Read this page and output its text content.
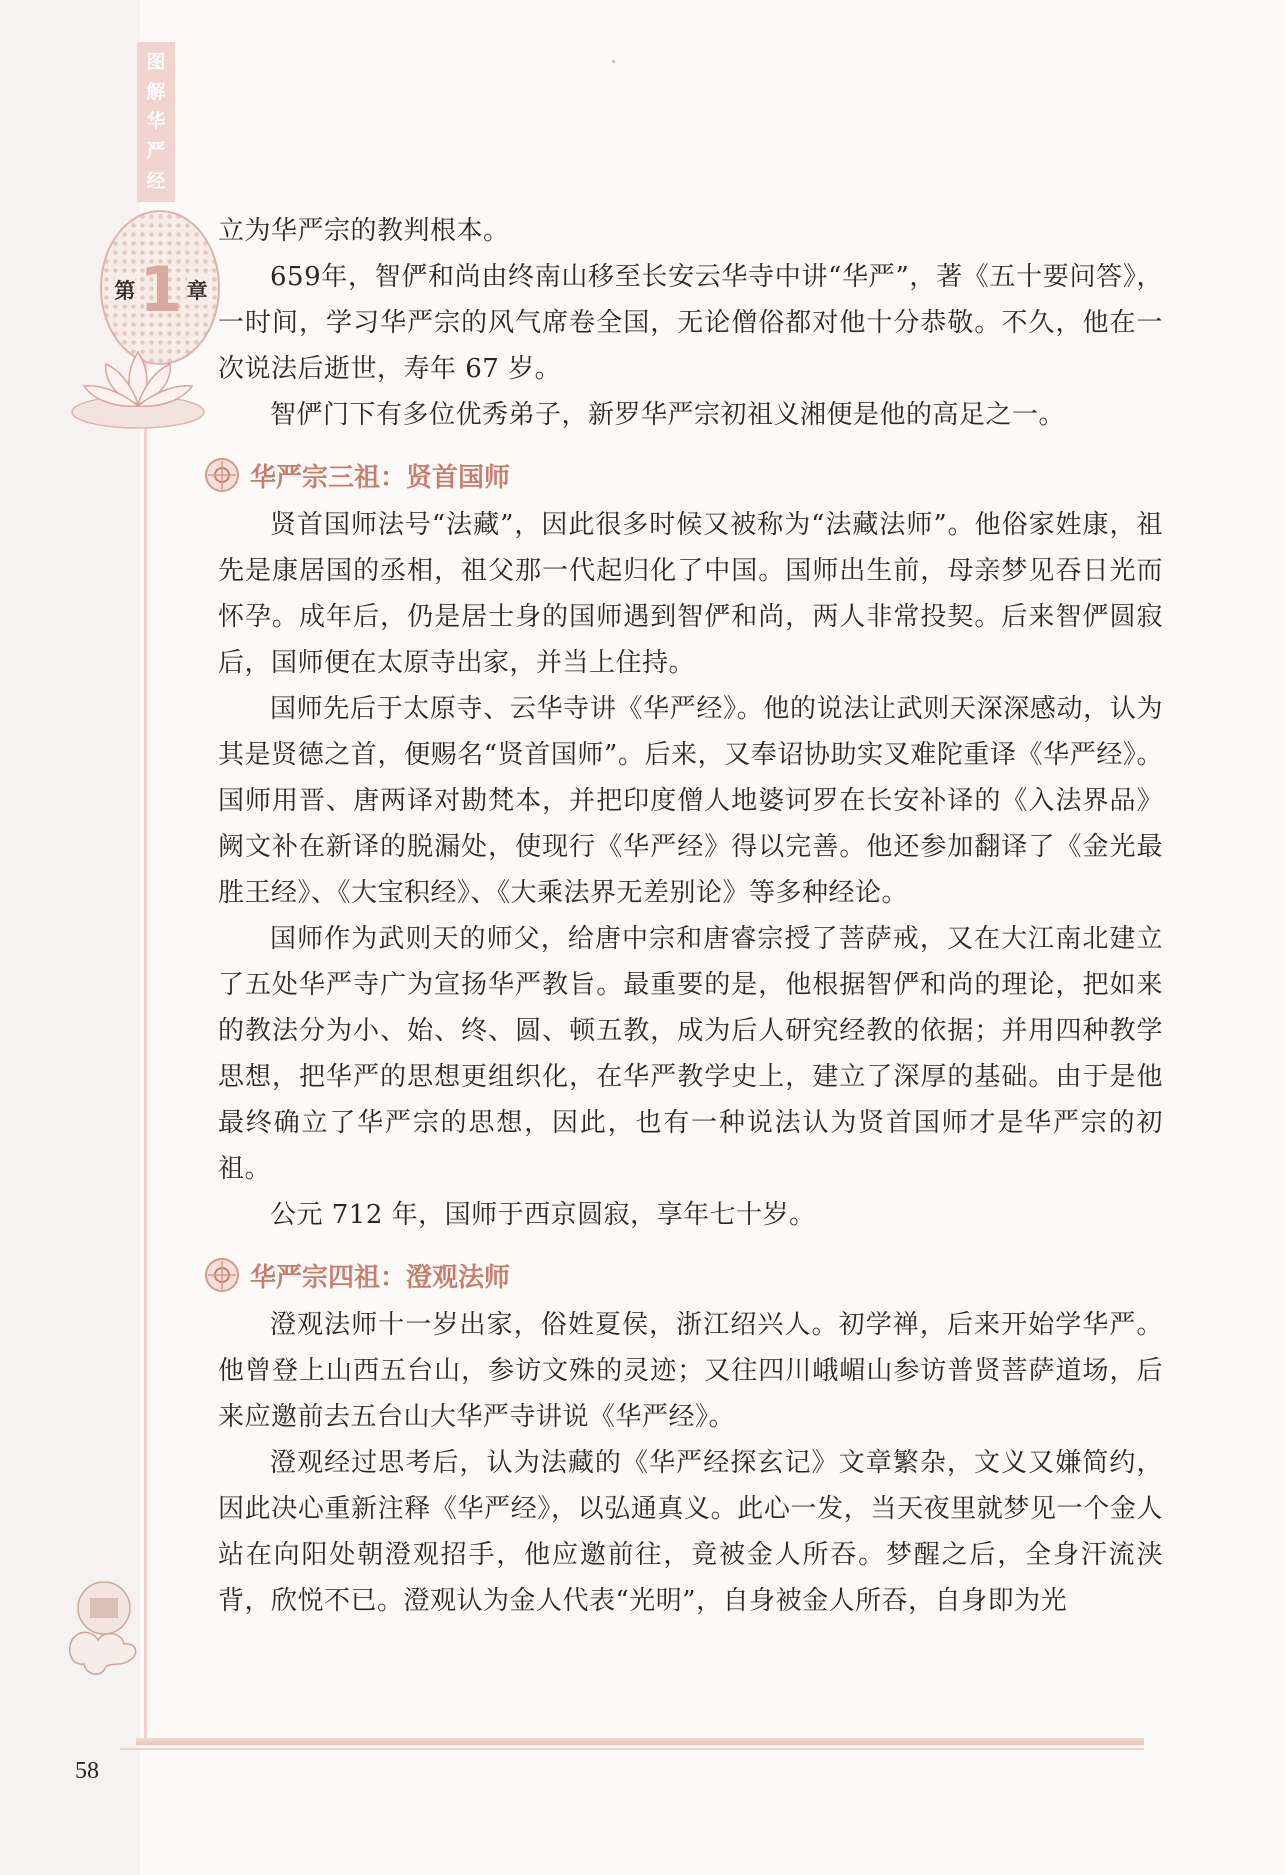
图
解
华
严
经
第 1 章

立为华严宗的教判根本。

659年，智俨和尚由终南山移至长安云华寺中讲“华严”，著《五十要问答》，一时间，学习华严宗的风气席卷全国，无论僧俗都对他十分恭敬。不久，他在一次说法后逝世，寿年 67 岁。

智俨门下有多位优秀弟子，新罗华严宗初祖义湘便是他的高足之一。

华严宗三祖：贤首国师

贤首国师法号“法藏”，因此很多时候又被称为“法藏法师”。他俗家姓康，祖先是康居国的丞相，祖父那一代起归化了中国。国师出生前，母亲梦见吞日光而怀孕。成年后，仍是居士身的国师遇到智俨和尚，两人非常投契。后来智俨圆寂后，国师便在太原寺出家，并当上住持。

国师先后于太原寺、云华寺讲《华严经》。他的说法让武则天深深感动，认为其是贤德之首，便赐名“贤首国师”。后来，又奉诏协助实叉难陀重译《华严经》。国师用晋、唐两译对勘梵本，并把印度僧人地婆诃罗在长安补译的《入法界品》阙文补在新译的脱漏处，使现行《华严经》得以完善。他还参加翻译了《金光最胜王经》、《大宝积经》、《大乘法界无差别论》等多种经论。

国师作为武则天的师父，给唐中宗和唐睿宗授了菩萨戒，又在大江南北建立了五处华严寺广为宣扬华严教旨。最重要的是，他根据智俨和尚的理论，把如来的教法分为小、始、终、圆、顿五教，成为后人研究经教的依据；并用四种教学思想，把华严的思想更组织化，在华严教学史上，建立了深厚的基础。由于是他最终确立了华严宗的思想，因此，也有一种说法认为贤首国师才是华严宗的初祖。

公元 712 年，国师于西京圆寂，享年七十岁。

华严宗四祖：澄观法师

澄观法师十一岁出家，俗姓夏侯，浙江绍兴人。初学禅，后来开始学华严。他曾登上山西五台山，参访文殊的灵迹；又往四川峨嵋山参访普贤菩萨道场，后来应邀前去五台山大华严寺讲说《华严经》。

澄观经过思考后，认为法藏的《华严经探玄记》文章繁杂，文义又嫌简约，因此决心重新注释《华严经》，以弘通真义。此心一发，当天夜里就梦见一个金人站在向阳处朝澄观招手，他应邀前往，竟被金人所吞。梦醒之后，全身汗流浃背，欣悦不已。澄观认为金人代表“光明”，自身被金人所吞，自身即为光

58
